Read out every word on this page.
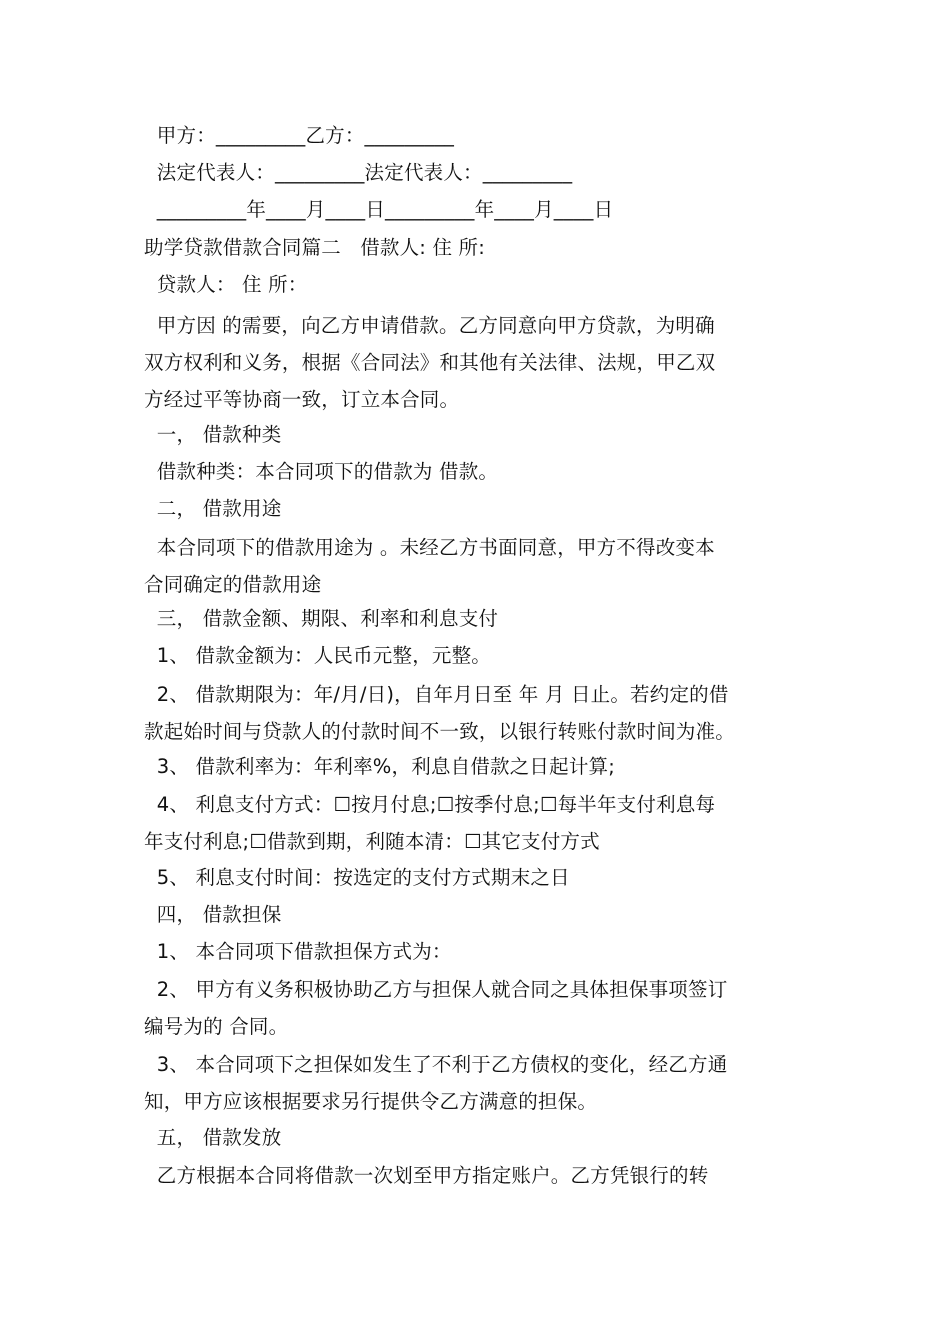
甲方：_________乙方：_________
法定代表人：_________法定代表人：_________
_________年____月____日_________年____月____日
助学贷款借款合同篇二   借款人: 住 所:
贷款人： 住 所：
甲方因 的需要，向乙方申请借款。乙方同意向甲方贷款，为明确
双方权利和义务，根据《合同法》和其他有关法律、法规，甲乙双
方经过平等协商一致，订立本合同。
一， 借款种类
借款种类：本合同项下的借款为 借款。
二， 借款用途
本合同项下的借款用途为 。未经乙方书面同意，甲方不得改变本
合同确定的借款用途
三， 借款金额、期限、利率和利息支付
1、 借款金额为：人民币元整，元整。
2、 借款期限为：年/月/日)，自年月日至 年 月 日止。若约定的借
款起始时间与贷款人的付款时间不一致，以银行转账付款时间为准。
3、 借款利率为：年利率%，利息自借款之日起计算;
4、 利息支付方式：☐按月付息;☐按季付息;☐每半年支付利息每
年支付利息;☐借款到期，利随本清：☐其它支付方式
5、 利息支付时间：按选定的支付方式期末之日
四， 借款担保
1、 本合同项下借款担保方式为：
2、 甲方有义务积极协助乙方与担保人就合同之具体担保事项签订
编号为的 合同。
3、 本合同项下之担保如发生了不利于乙方债权的变化，经乙方通
知，甲方应该根据要求另行提供令乙方满意的担保。
五， 借款发放
乙方根据本合同将借款一次划至甲方指定账户。乙方凭银行的转
